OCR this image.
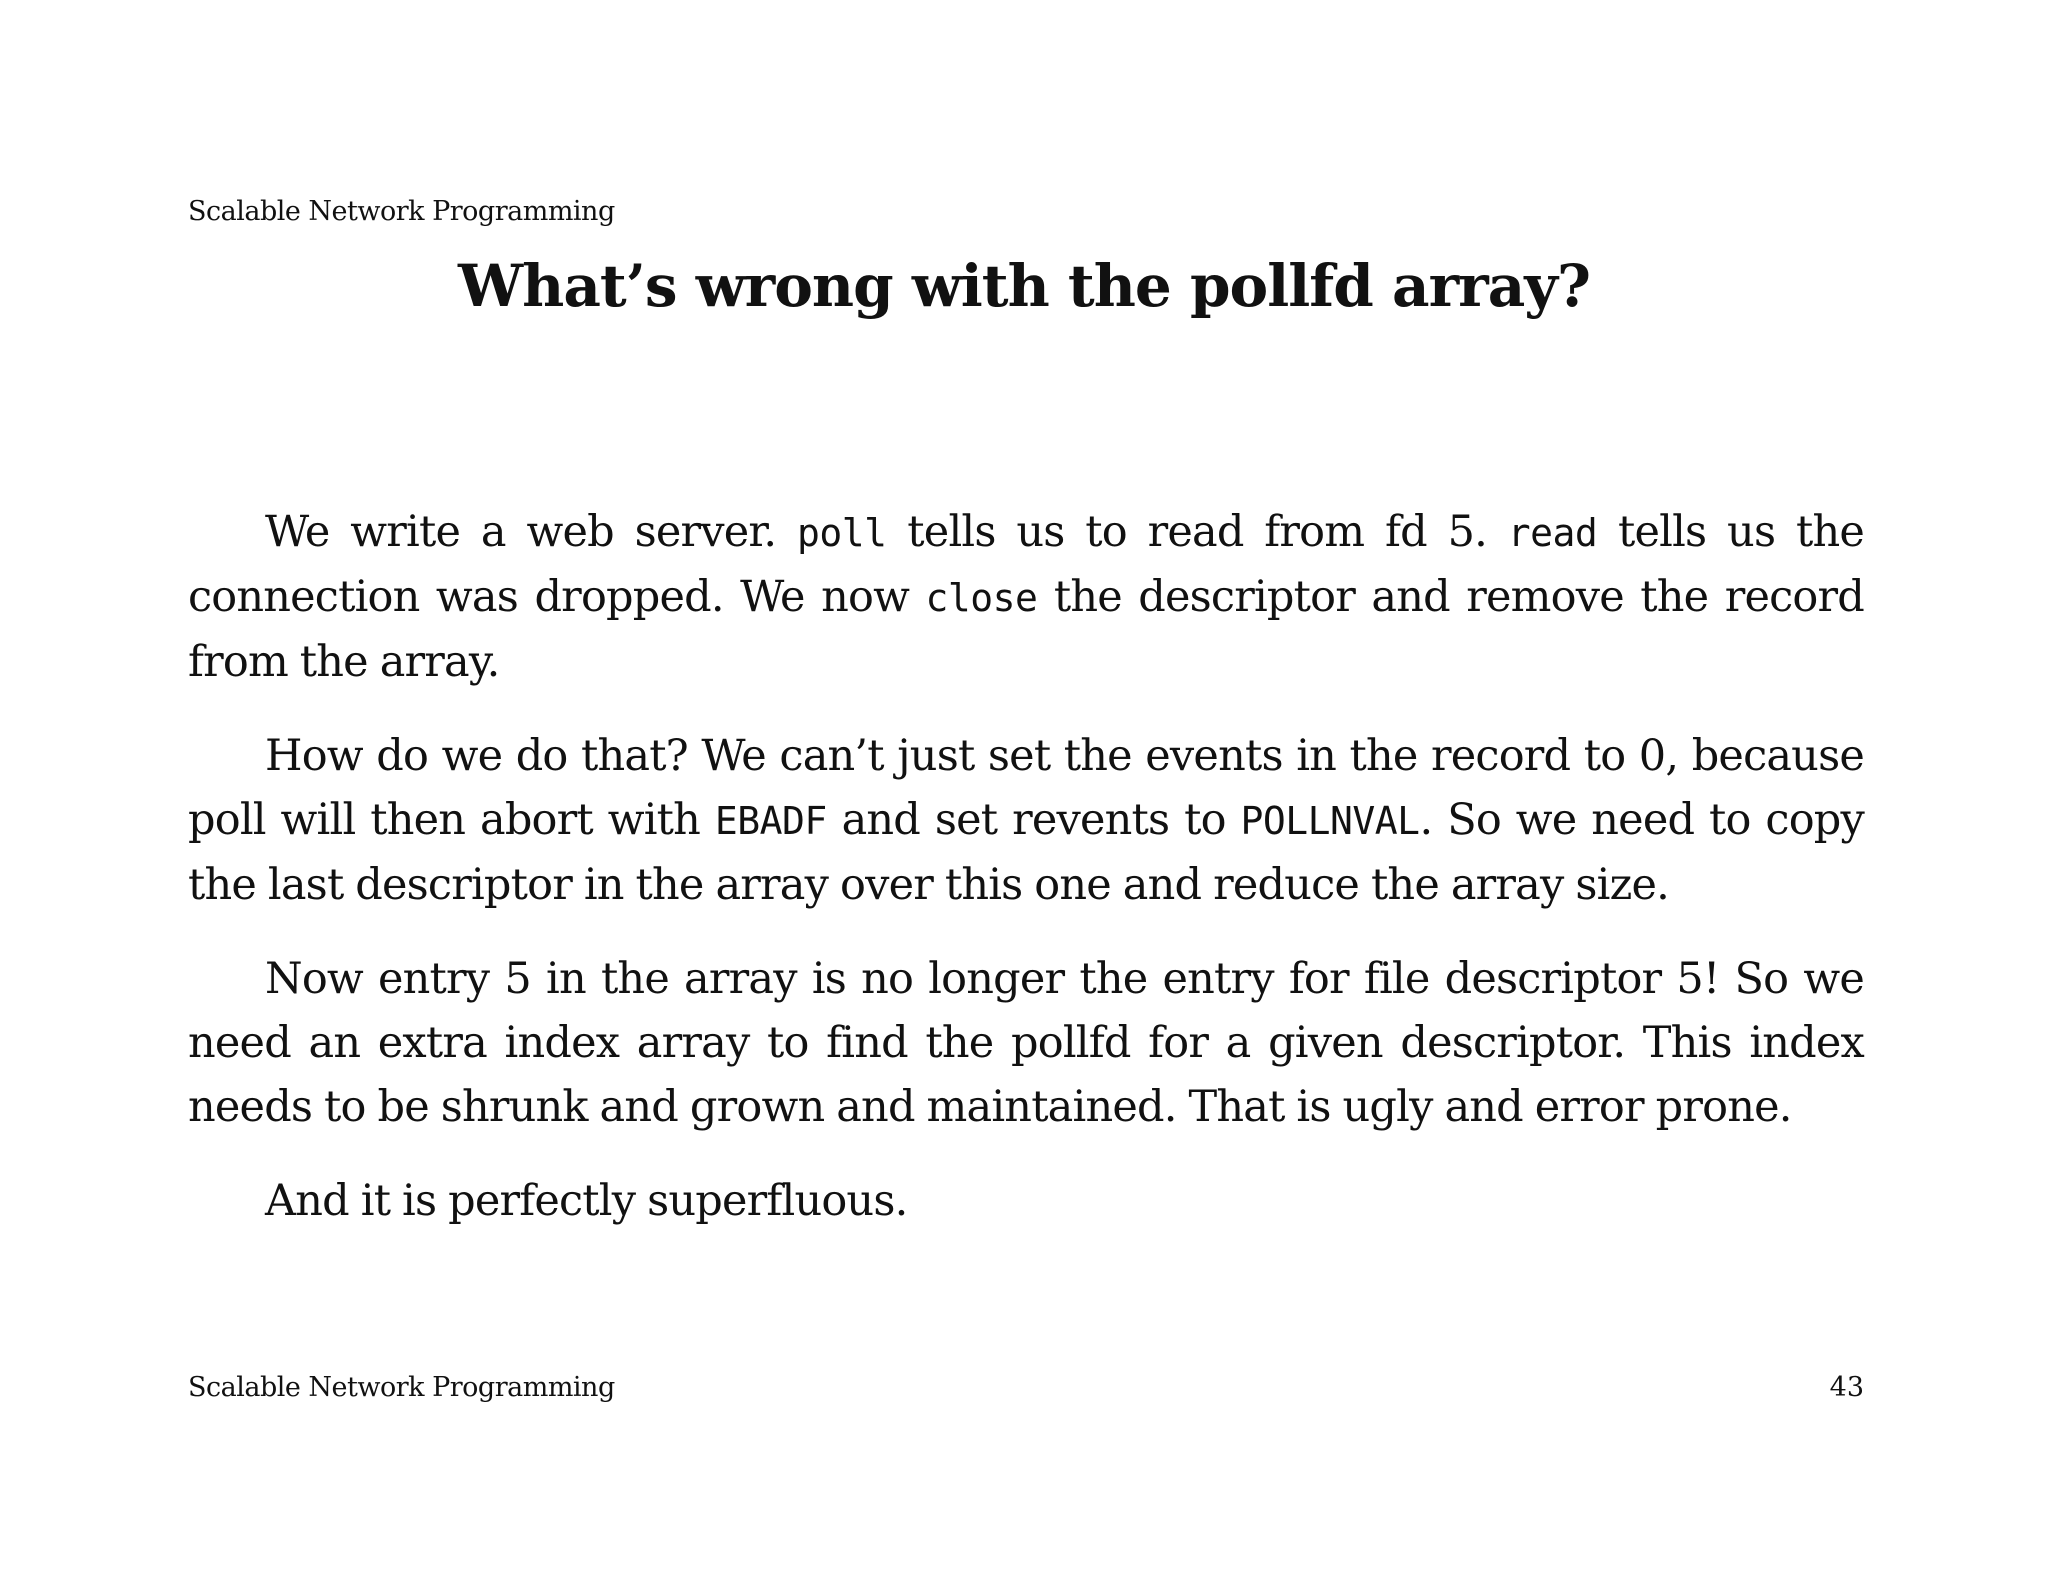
Scalable Network Programming
What’s wrong with the pollfd array?

We write a web server. poll tells us to read from fd 5. read tells us the connection was dropped. We now close the descriptor and remove the record from the array.

How do we do that? We can’t just set the events in the record to 0, because poll will then abort with EBADF and set revents to POLLNVAL. So we need to copy the last descriptor in the array over this one and reduce the array size.

Now entry 5 in the array is no longer the entry for file descriptor 5! So we need an extra index array to find the pollfd for a given descriptor. This index needs to be shrunk and grown and maintained. That is ugly and error prone.

And it is perfectly superfluous.

Scalable Network Programming	43
